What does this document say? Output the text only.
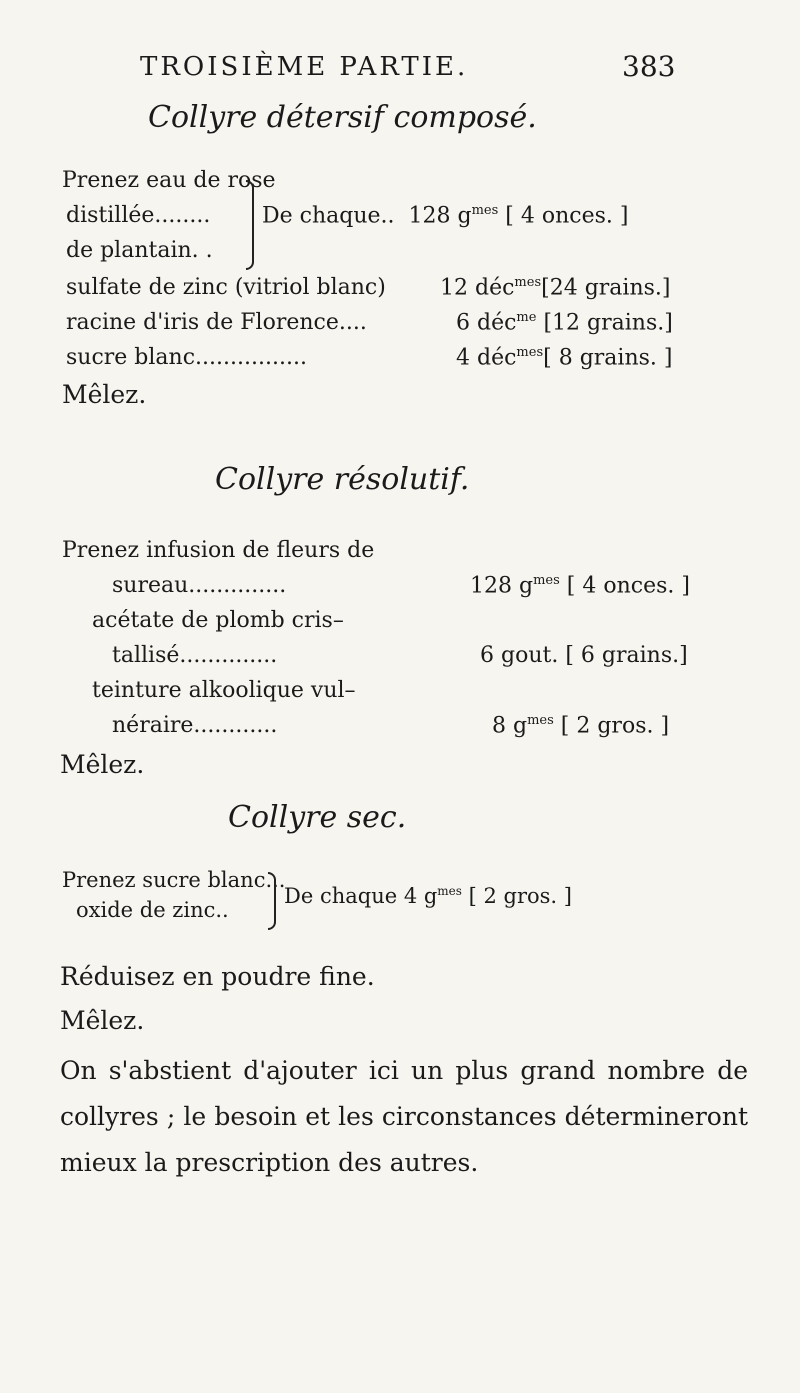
TROISIÈME PARTIE.	383
Collyre détersif composé.
Prenez eau de rose
distillée........
de plantain. .
De chaque.. 128 $g^{mes}$ [ 4 onces. ]
sulfate de zinc (vitriol blanc) 12 déc$^{mes}$[24 grains.]
racine d'iris de Florence....	6 déc$^{me}$ [12 grains.]
sucre blanc................	4 déc$^{mes}$[ 8 grains. ]
Mêlez.
Collyre résolutif.
Prenez infusion de fleurs de
sureau..............	128 $g^{mes}$ [ 4 onces. ]
acétate de plomb cris–
tallisé..............	6 gout. [ 6 grains.]
teinture alkoolique vul–
néraire............	8 $g^{mes}$ [ 2 gros. ]
Mêlez.
Collyre sec.
Prenez sucre blanc...
oxide de zinc..
De chaque 4 $g^{mes}$ [ 2 gros. ]
Réduisez en poudre fine.
Mêlez.
On s'abstient d'ajouter ici un plus grand nombre de collyres ; le besoin et les circonstances détermineront mieux la prescription des autres.
